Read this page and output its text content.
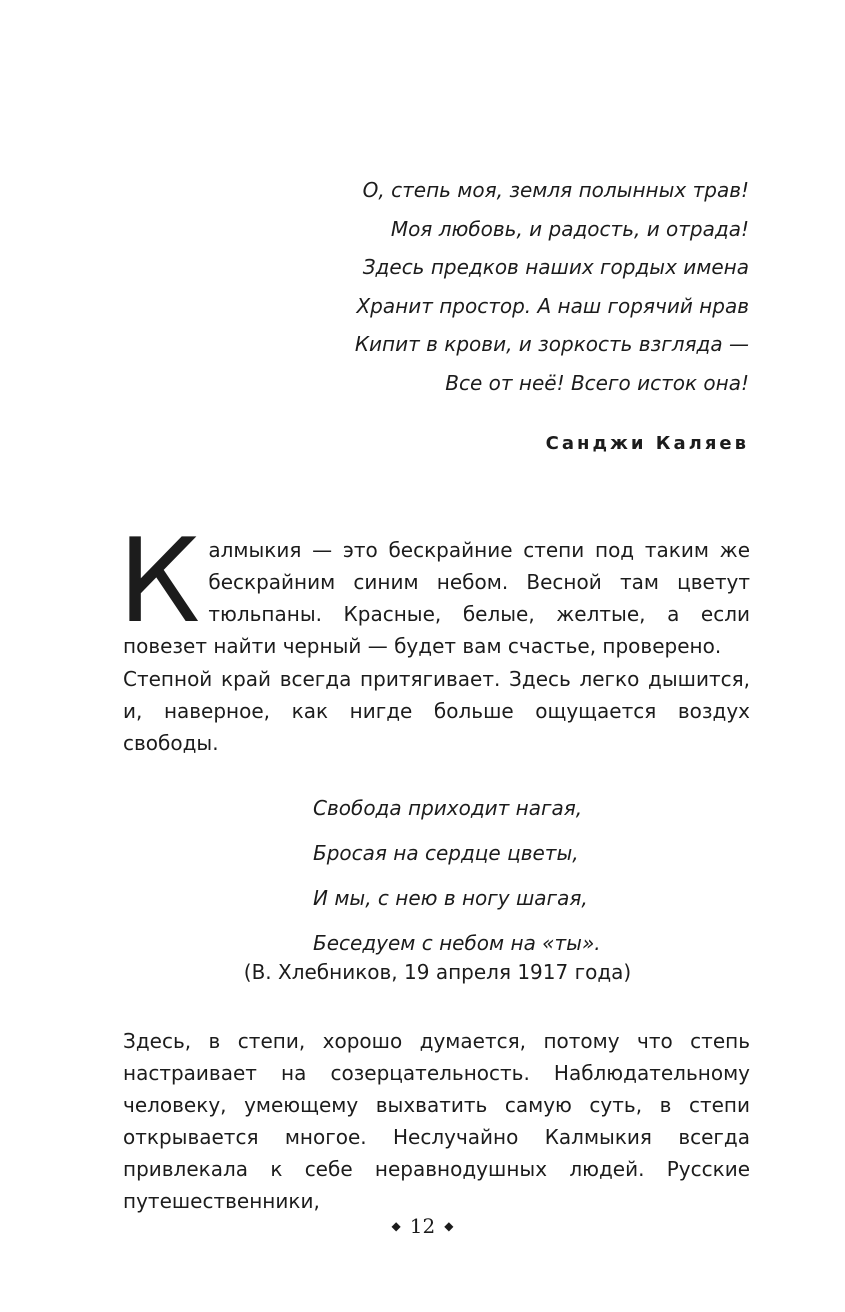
О, степь моя, земля полынных трав!
Моя любовь, и радость, и отрада!
Здесь предков наших гордых имена
Хранит простор. А наш горячий нрав
Кипит в крови, и зоркость взгляда —
Все от неё! Всего исток она!
Санджи Каляев

Калмыкия — это бескрайние степи под таким же бескрайним синим небом. Весной там цветут тюльпаны. Красные, белые, желтые, а если повезет найти черный — будет вам счастье, проверено.

Степной край всегда притягивает. Здесь легко дышится, и, наверное, как нигде больше ощущается воздух свободы.

Свобода приходит нагая,
Бросая на сердце цветы,
И мы, с нею в ногу шагая,
Беседуем с небом на «ты».
(В. Хлебников, 19 апреля 1917 года)

Здесь, в степи, хорошо думается, потому что степь настраивает на созерцательность. Наблюдательному человеку, умеющему выхватить самую суть, в степи открывается многое. Неслучайно Калмыкия всегда привлекала к себе неравнодушных людей. Русские путешественники,

◆ 12 ◆
